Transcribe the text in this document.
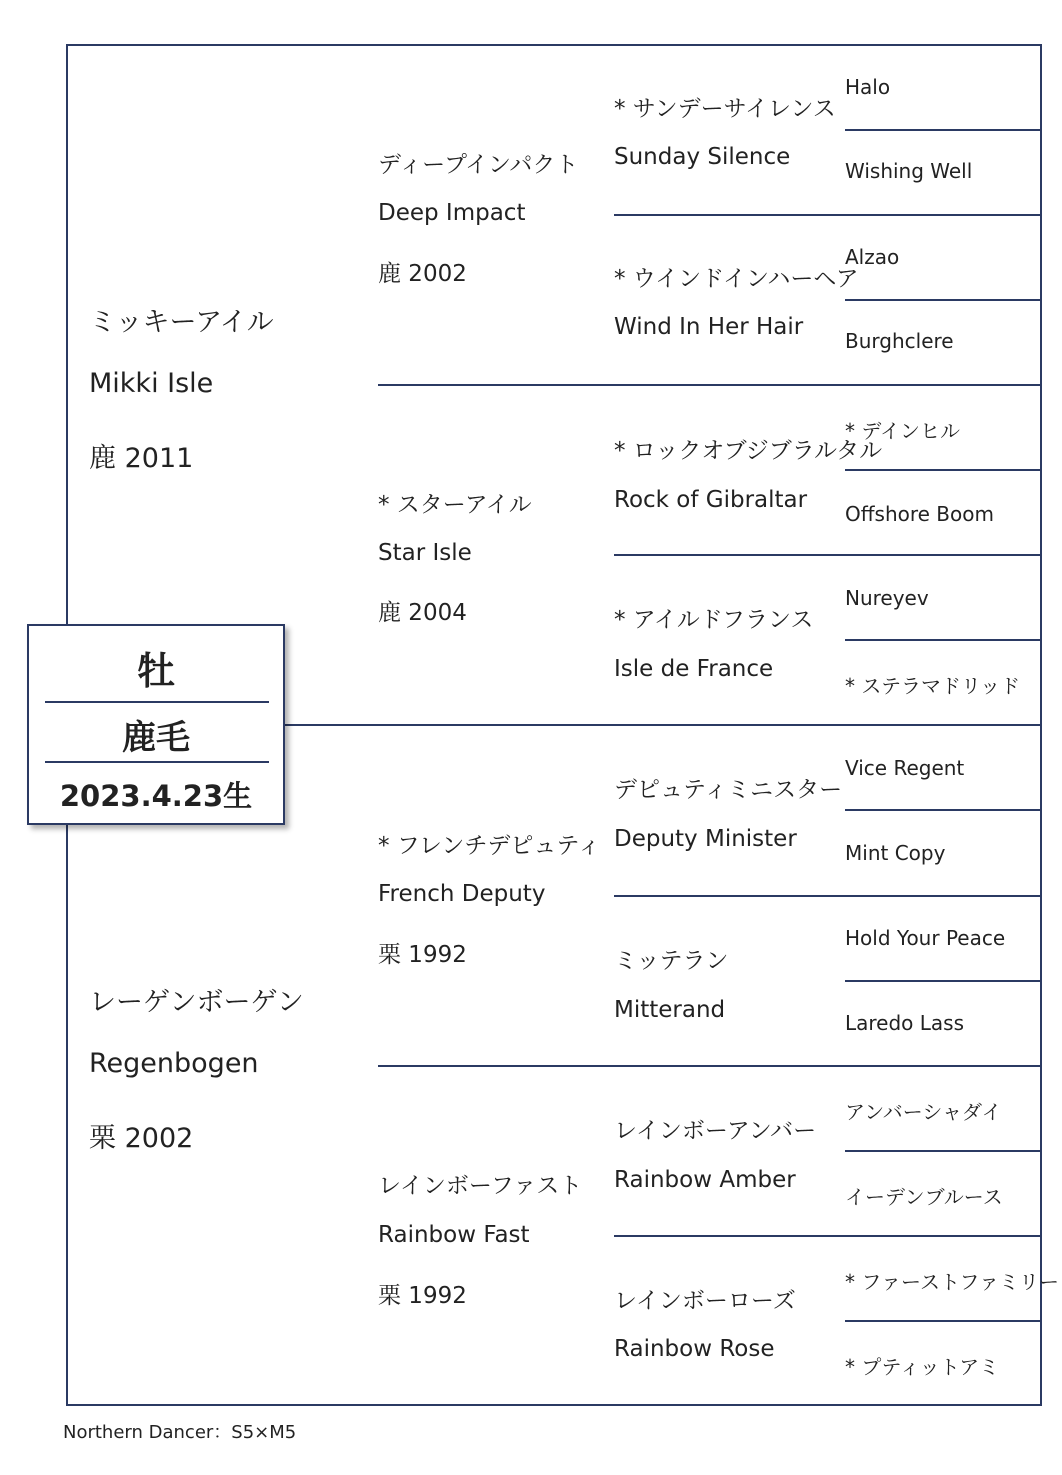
ミッキーアイル
Mikki Isle
鹿 2011
レーゲンボーゲン
Regenbogen
栗 2002
ディープインパクト
Deep Impact
鹿 2002
* スターアイル
Star Isle
鹿 2004
* フレンチデピュティ
French Deputy
栗 1992
レインボーファスト
Rainbow Fast
栗 1992
* サンデーサイレンス
Sunday Silence
* ウインドインハーヘア
Wind In Her Hair
* ロックオブジブラルタル
Rock of Gibraltar
* アイルドフランス
Isle de France
デピュティミニスター
Deputy Minister
ミッテラン
Mitterand
レインボーアンバー
Rainbow Amber
レインボーローズ
Rainbow Rose
Halo
Wishing Well
Alzao
Burghclere
* デインヒル
Offshore Boom
Nureyev
* ステラマドリッド
Vice Regent
Mint Copy
Hold Your Peace
Laredo Lass
アンバーシャダイ
イーデンブルース
* ファーストファミリー
* プティットアミ
牡
鹿毛
2023.4.23生
Northern Dancer：S5×M5
